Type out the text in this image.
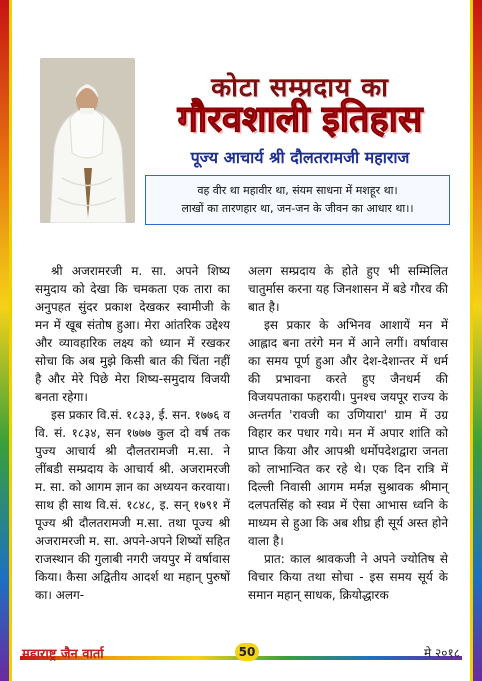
कोटा सम्प्रदाय का
गौरवशाली इतिहास
पूज्य आचार्य श्री दौलतरामजी महाराज
वह वीर था महावीर था, संयम साधना में मशहूर था।
लाखों का तारणहार था, जन-जन के जीवन का आधार था।।

श्री अजरामरजी म. सा. अपने शिष्य समुदाय को देखा कि चमकता एक तारा का अनुपहत सुंदर प्रकाश देखकर स्वामीजी के मन में खूब संतोष हुआ। मेरा आंतरिक उद्देश्य और व्यावहारिक लक्ष्य को ध्यान में रखकर सोचा कि अब मुझे किसी बात की चिंता नहीं है और मेरे पिछे मेरा शिष्य-समुदाय विजयी बनता रहेगा।

इस प्रकार वि.सं. १८३३, ई. सन. १७७६ व वि. सं. १८३४, सन १७७७ कुल दो वर्ष तक पुज्य आचार्य श्री दौलतरामजी म.सा. ने लींबडी सम्प्रदाय के आचार्य श्री. अजरामरजी म. सा. को आगम ज्ञान का अध्ययन करवाया। साथ ही साथ वि.सं. १८४८, इ. सन् १७९१ में पूज्य श्री दौलतरामजी म.सा. तथा पूज्य श्री अजरामरजी म. सा. अपने-अपने शिष्यों सहित राजस्थान की गुलाबी नगरी जयपुर में वर्षावास किया। कैसा अद्वितीय आदर्श था महान् पुरुषों का। अलग-

अलग सम्प्रदाय के होते हुए भी सम्मिलित चातुर्मास करना यह जिनशासन में बडे गौरव की बात है।

इस प्रकार के अभिनव आशायें मन में आह्लाद बना तरंगे मन में आने लगीं। वर्षावास का समय पूर्ण हुआ और देश-देशान्तर में धर्म की प्रभावना करते हुए जैनधर्म की विजयपताका फहरायी। पुनश्च जयपूर राज्य के अन्तर्गत 'रावजी का उणियारा' ग्राम में उग्र विहार कर पधार गये। मन में अपार शांति को प्राप्त किया और आपश्री धर्मोपदेशद्वारा जनता को लाभान्वित कर रहे थे। एक दिन रात्रि में दिल्ली निवासी आगम मर्मज्ञ सुश्रावक श्रीमान् दलपतसिंह को स्वप्न में ऐसा आभास ध्वनि के माध्यम से हुआ कि अब शीघ्र ही सूर्य अस्त होने वाला है।

प्रात: काल श्रावकजी ने अपने ज्योतिष से विचार किया तथा सोचा - इस समय सूर्य के समान महान् साधक, क्रियोद्धारक

महाराष्ट्र जैन वार्ता	50	मे २०१८
